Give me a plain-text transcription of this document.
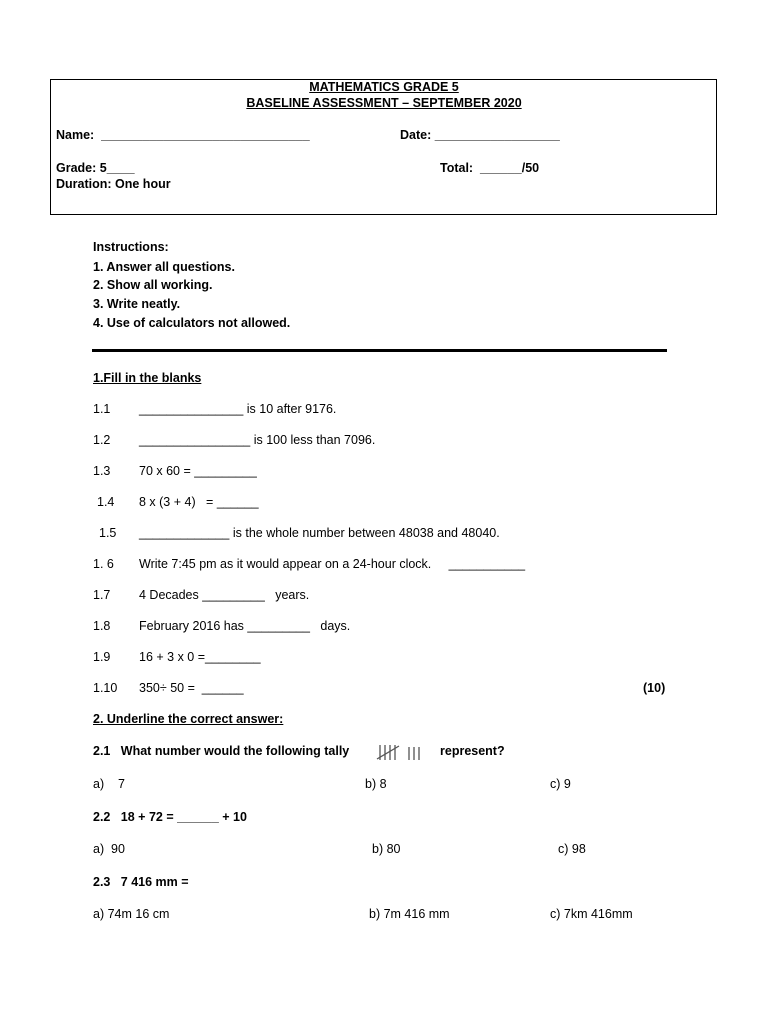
MATHEMATICS GRADE 5
BASELINE ASSESSMENT – SEPTEMBER 2020
Name:  ______________________________	Date: __________________
Grade: 5____	Total:  ______/50
Duration: One hour
Instructions:
1. Answer all questions.
2. Show all working.
3. Write neatly.
4. Use of calculators not allowed.
1.Fill in the blanks
1.1 _______________ is 10 after 9176.
1.2 ________________ is 100 less than 7096.
1.3 70 x 60 = _________
1.4 8 x (3 + 4)   = ______
1.5 _____________ is the whole number between 48038 and 48040.
1. 6 Write 7:45 pm as it would appear on a 24-hour clock.     ___________
1.7 4 Decades _________   years.
1.8 February 2016 has _________   days.
1.9 16 + 3 x 0 =________
1.10 350÷ 50 =  ______	(10)
2. Underline the correct answer:
2.1   What number would the following tally	represent?
a)    7	b) 8	c) 9
2.2   18 + 72 = ______ + 10
a)  90	b) 80	c) 98
2.3   7 416 mm =
a) 74m 16 cm	b) 7m 416 mm	c) 7km 416mm
